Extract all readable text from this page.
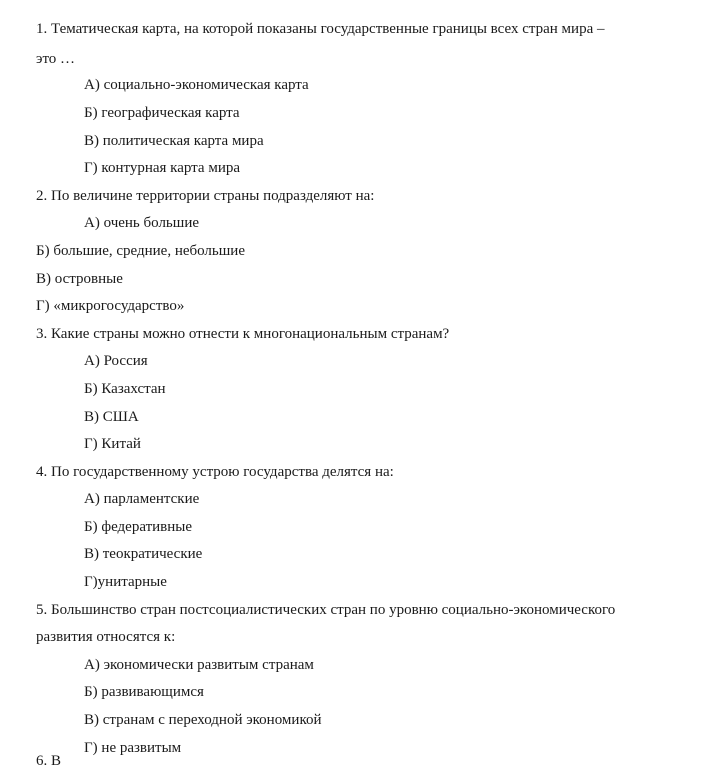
1. Тематическая карта, на которой показаны государственные границы всех стран мира –
это …
А) социально-экономическая карта
Б) географическая карта
В) политическая карта мира
Г) контурная карта мира
2. По величине территории страны подразделяют на:
А) очень большие
Б) большие, средние, небольшие
В) островные
Г) «микрогосударство»
3. Какие страны можно отнести к многонациональным странам?
А) Россия
Б) Казахстан
В) США
Г) Китай
4. По государственному устрою государства делятся на:
А) парламентские
Б) федеративные
В) теократические
Г)унитарные
5. Большинство стран постсоциалистических стран по уровню социально-экономического
развития относятся к:
А) экономически развитым странам
Б) развивающимся
В) странам с переходной экономикой
Г) не развитым
6. В
